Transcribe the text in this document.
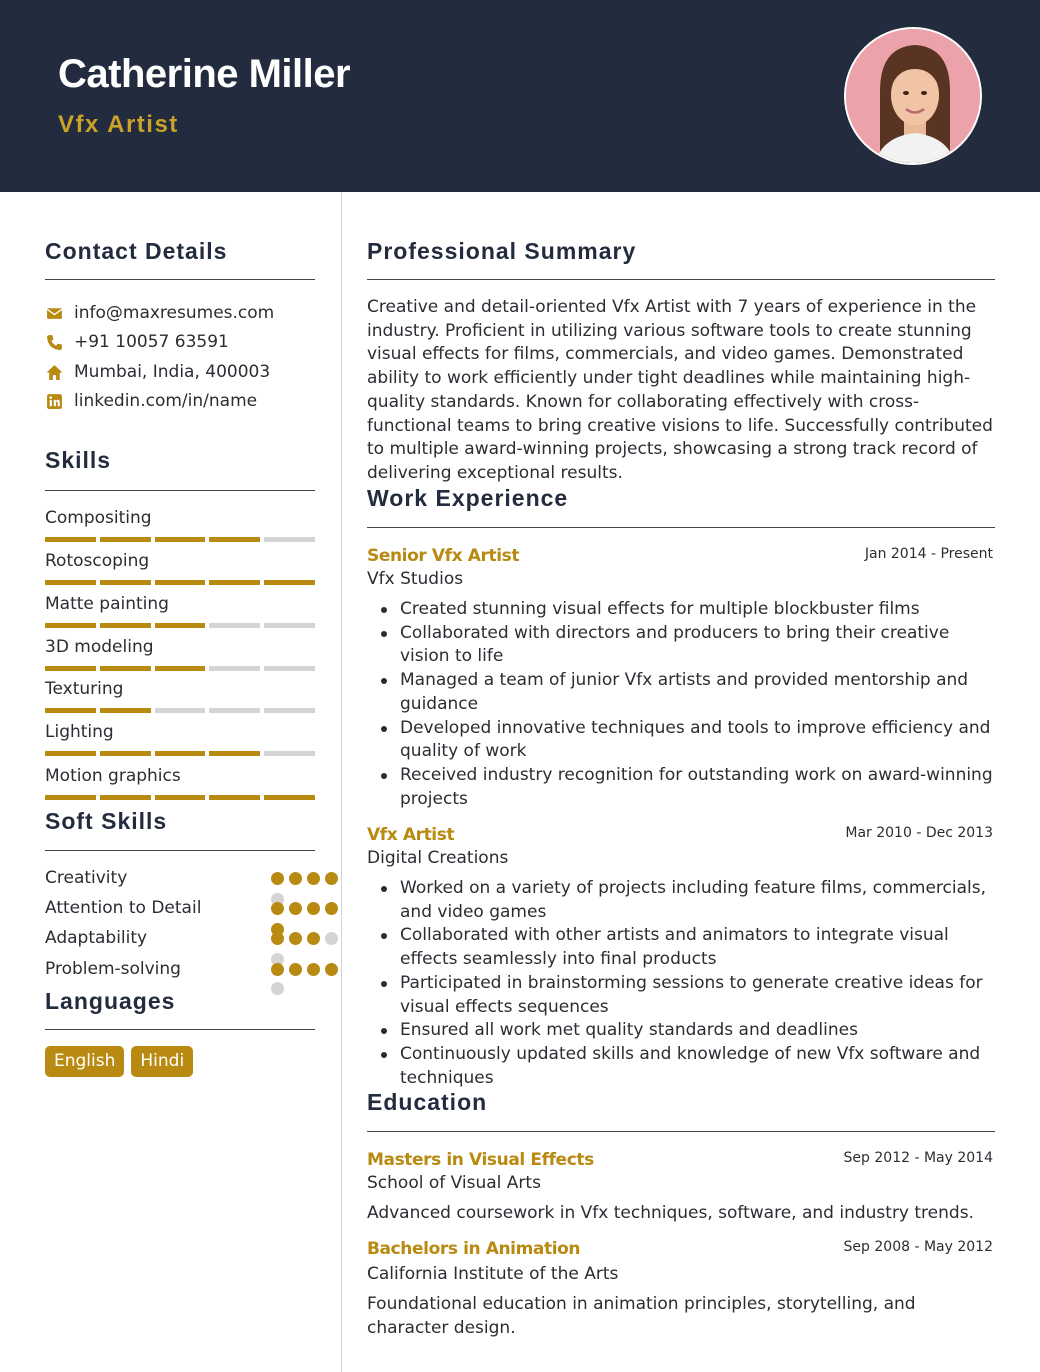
Catherine Miller
Vfx Artist
Contact Details
info@maxresumes.com
+91 10057 63591
Mumbai, India, 400003
linkedin.com/in/name
Skills
Compositing
Rotoscoping
Matte painting
3D modeling
Texturing
Lighting
Motion graphics
Soft Skills
Creativity
Attention to Detail
Adaptability
Problem-solving
Languages
English	Hindi
Professional Summary
Creative and detail-oriented Vfx Artist with 7 years of experience in the industry. Proficient in utilizing various software tools to create stunning visual effects for films, commercials, and video games. Demonstrated ability to work efficiently under tight deadlines while maintaining high-quality standards. Known for collaborating effectively with cross-functional teams to bring creative visions to life. Successfully contributed to multiple award-winning projects, showcasing a strong track record of delivering exceptional results.
Work Experience
Senior Vfx Artist	Jan 2014 - Present
Vfx Studios
Created stunning visual effects for multiple blockbuster films
Collaborated with directors and producers to bring their creative vision to life
Managed a team of junior Vfx artists and provided mentorship and guidance
Developed innovative techniques and tools to improve efficiency and quality of work
Received industry recognition for outstanding work on award-winning projects
Vfx Artist	Mar 2010 - Dec 2013
Digital Creations
Worked on a variety of projects including feature films, commercials, and video games
Collaborated with other artists and animators to integrate visual effects seamlessly into final products
Participated in brainstorming sessions to generate creative ideas for visual effects sequences
Ensured all work met quality standards and deadlines
Continuously updated skills and knowledge of new Vfx software and techniques
Education
Masters in Visual Effects	Sep 2012 - May 2014
School of Visual Arts
Advanced coursework in Vfx techniques, software, and industry trends.
Bachelors in Animation	Sep 2008 - May 2012
California Institute of the Arts
Foundational education in animation principles, storytelling, and character design.
